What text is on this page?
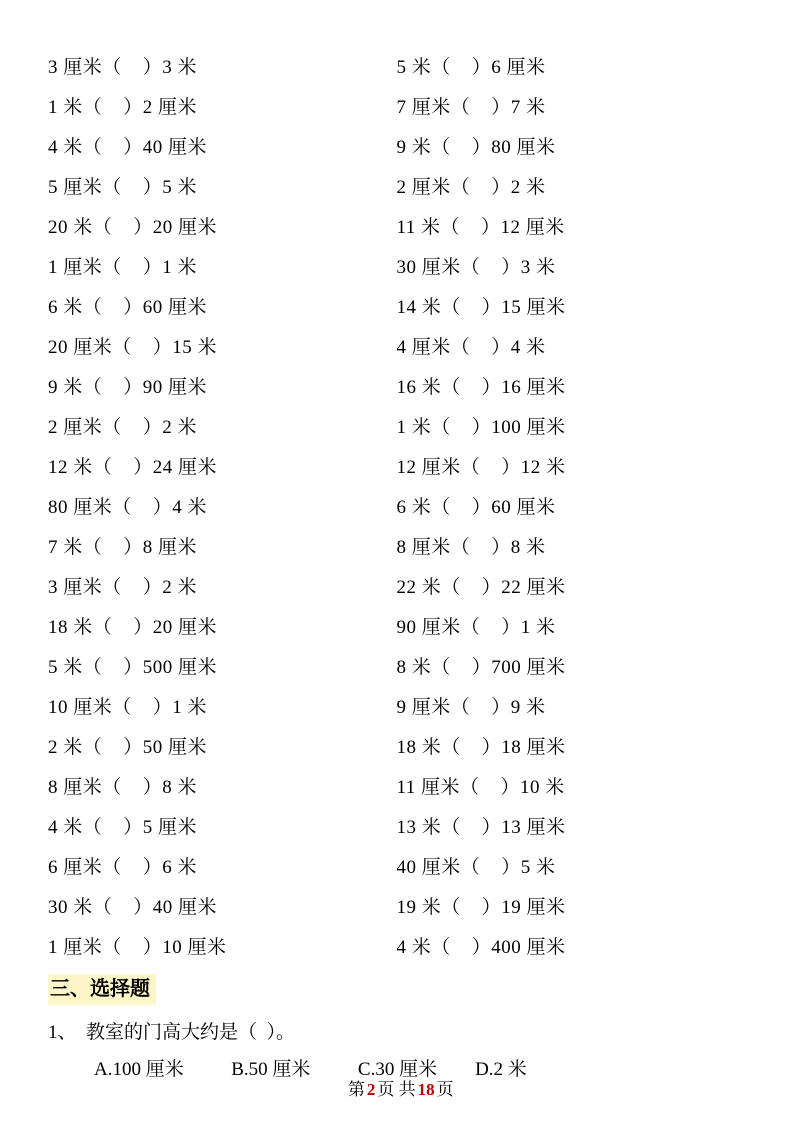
3 厘米（    ）3 米
1 米（    ）2 厘米
4 米（    ）40 厘米
5 厘米（    ）5 米
20 米（    ）20 厘米
1 厘米（    ）1 米
6 米（    ）60 厘米
20 厘米（    ）15 米
9 米（    ）90 厘米
2 厘米（    ）2 米
12 米（    ）24 厘米
80 厘米（    ）4 米
7 米（    ）8 厘米
3 厘米（    ）2 米
18 米（    ）20 厘米
5 米（    ）500 厘米
10 厘米（    ）1 米
2 米（    ）50 厘米
8 厘米（    ）8 米
4 米（    ）5 厘米
6 厘米（    ）6 米
30 米（    ）40 厘米
1 厘米（    ）10 厘米
5 米（    ）6 厘米
7 厘米（    ）7 米
9 米（    ）80 厘米
2 厘米（    ）2 米
11 米（    ）12 厘米
30 厘米（    ）3 米
14 米（    ）15 厘米
4 厘米（    ）4 米
16 米（    ）16 厘米
1 米（    ）100 厘米
12 厘米（    ）12 米
6 米（    ）60 厘米
8 厘米（    ）8 米
22 米（    ）22 厘米
90 厘米（    ）1 米
8 米（    ）700 厘米
9 厘米（    ）9 米
18 米（    ）18 厘米
11 厘米（    ）10 米
13 米（    ）13 厘米
40 厘米（    ）5 米
19 米（    ）19 厘米
4 米（    ）400 厘米
三、选择题
1、  教室的门高大约是（  ）。
A.100 厘米          B.50 厘米          C.30 厘米        D.2 米

第 2 页 共 18 页
